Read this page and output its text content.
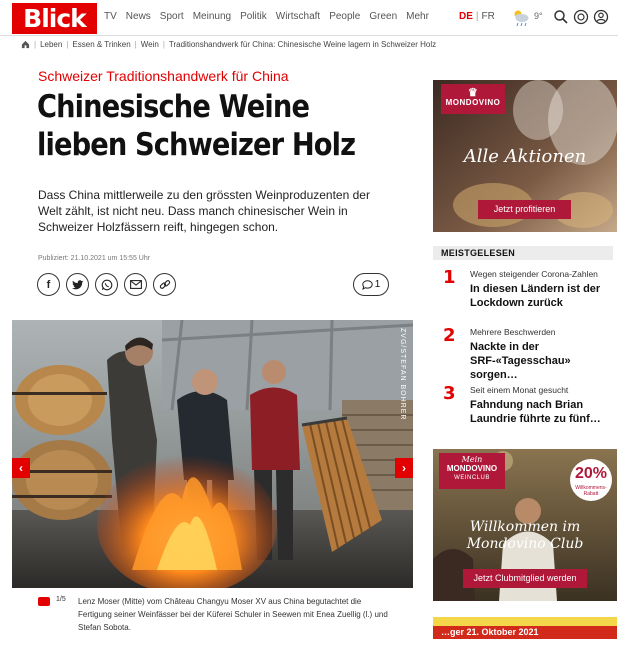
Blick	TV News Sport Meinung Politik Wirtschaft People Green Mehr	DE | FR	9°
| Leben | Essen & Trinken | Wein | Traditionshandwerk für China: Chinesische Weine lagern in Schweizer Holz
Schweizer Traditionshandwerk für China
Chinesische Weine
lieben Schweizer Holz
Dass China mittlerweile zu den grössten Weinproduzenten der Welt zählt, ist nicht neu. Dass manch chinesischer Wein in Schweizer Holzfässern reift, hingegen schon.
Publiziert: 21.10.2021 um 15:55 Uhr
f	1
ZVG/STEFAN BOHRER
‹	›
1/5 Lenz Moser (Mitte) vom Château Changyu Moser XV aus China begutachtet die Fertigung seiner Weinfässer bei der Küferei Schuler in Seewen mit Enea Zuellig (l.) und Stefan Sobota.
♛
MONDOVINO
Alle Aktionen
Jetzt profitieren
MEISTGELESEN
1 Wegen steigender Corona-Zahlen
In diesen Ländern ist der Lockdown zurück
2 Mehrere Beschwerden
Nackte in der SRF-«Tagesschau» sorgen…
3 Seit einem Monat gesucht
Fahndung nach Brian Laundrie führte zu fünf…
Mein
MONDOVINO
WEINCLUB	20%
Willkommens-Rabatt
Willkommen im
Mondovino Club
Jetzt Clubmitglied werden
…ger 21. Oktober 2021
